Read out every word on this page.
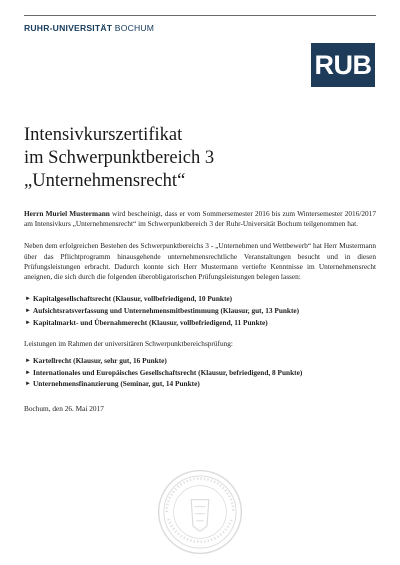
RUHR-UNIVERSITÄT BOCHUM
RUB
Intensivkurszertifikat
im Schwerpunktbereich 3
„Unternehmensrecht“

Herrn Muriel Mustermann wird bescheinigt, dass er vom Sommersemester 2016 bis zum Wintersemester 2016/2017 am Intensivkurs „Unternehmensrecht“ im Schwerpunktbereich 3 der Ruhr-Universität Bochum teilgenommen hat.

Neben dem erfolgreichen Bestehen des Schwerpunktbereichs 3 - „Unternehmen und Wettbewerb“ hat Herr Mustermann über das Pflichtprogramm hinausgehende unternehmensrechtliche Veranstaltungen besucht und in diesen Prüfungsleistungen erbracht. Dadurch konnte sich Herr Mustermann vertiefte Kenntnisse im Unternehmensrecht aneignen, die sich durch die folgenden überobligatorischen Prüfungsleistungen belegen lassen:

► Kapitalgesellschaftsrecht (Klausur, vollbefriedigend, 10 Punkte)
► Aufsichtsratsverfassung und Unternehmensmitbestimmung (Klausur, gut, 13 Punkte)
► Kapitalmarkt- und Übernahmerecht (Klausur, vollbefriedigend, 11 Punkte)

Leistungen im Rahmen der universitären Schwerpunktbereichsprüfung:

► Kartellrecht (Klausur, sehr gut, 16 Punkte)
► Internationales und Europäisches Gesellschaftsrecht (Klausur, befriedigend, 8 Punkte)
► Unternehmensfinanzierung (Seminar, gut, 14 Punkte)

Bochum, den 26. Mai 2017
